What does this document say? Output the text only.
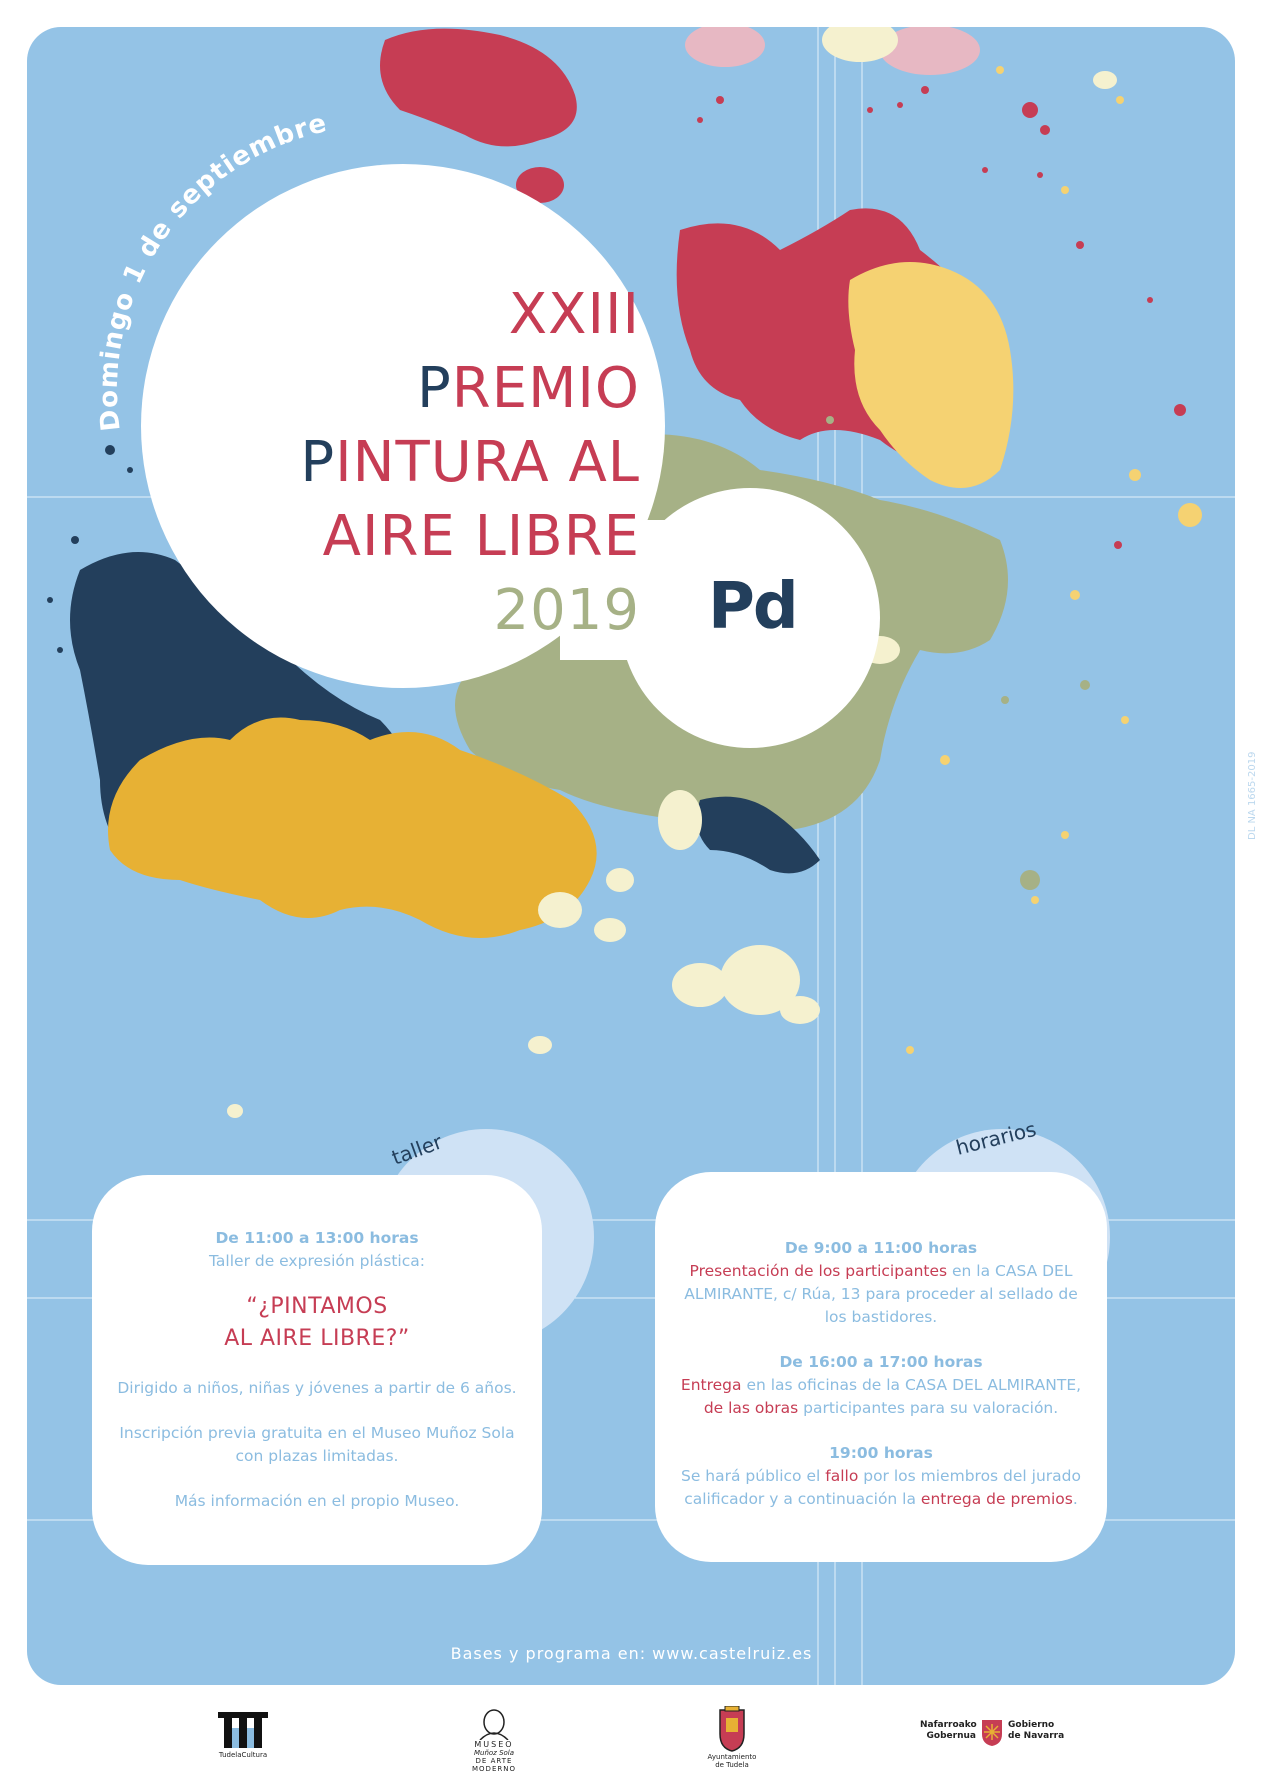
Domingo 1 de septiembre
XXIII
PREMIO
PINTURA AL
AIRE LIBRE
2019 Pd
DL NA 1665-2019
taller	horarios

De 11:00 a 13:00 horas

Taller de expresión plástica:

“¿PINTAMOS

AL AIRE LIBRE?”

Dirigido a niños, niñas y jóvenes a partir de 6 años.

Inscripción previa gratuita en el Museo Muñoz Sola

con plazas limitadas.

Más información en el propio Museo.

De 9:00 a 11:00 horas

Presentación de los participantes en la CASA DEL

ALMIRANTE, c/ Rúa, 13 para proceder al sellado de

los bastidores.

De 16:00 a 17:00 horas

Entrega en las oficinas de la CASA DEL ALMIRANTE,

de las obras participantes para su valoración.

19:00 horas

Se hará público el fallo por los miembros del jurado

calificador y a continuación la entrega de premios.

Bases y programa en: www.castelruiz.es
TudelaCultura
MUSEO
Muñoz Sola
DE ARTE
MODERNO
Ayuntamiento
de Tudela
Nafarroako
Gobernua
Gobierno
de Navarra
